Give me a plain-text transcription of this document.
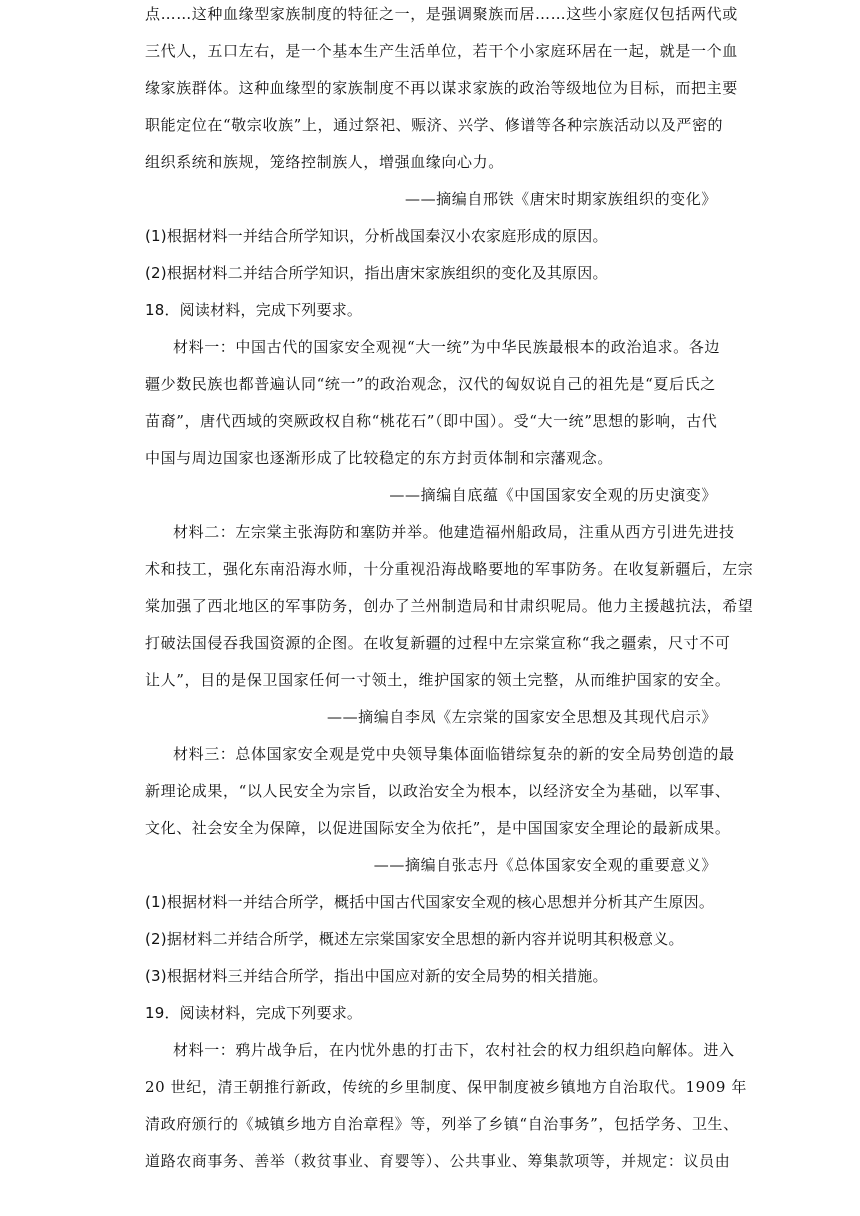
点……这种血缘型家族制度的特征之一，是强调聚族而居……这些小家庭仅包括两代或
三代人，五口左右，是一个基本生产生活单位，若干个小家庭环居在一起，就是一个血
缘家族群体。这种血缘型的家族制度不再以谋求家族的政治等级地位为目标，而把主要
职能定位在“敬宗收族”上，通过祭祀、赈济、兴学、修谱等各种宗族活动以及严密的
组织系统和族规，笼络控制族人，增强血缘向心力。
——摘编自邢铁《唐宋时期家族组织的变化》
(1)根据材料一并结合所学知识，分析战国秦汉小农家庭形成的原因。
(2)根据材料二并结合所学知识，指出唐宋家族组织的变化及其原因。
18．阅读材料，完成下列要求。
材料一：中国古代的国家安全观视“大一统”为中华民族最根本的政治追求。各边
疆少数民族也都普遍认同“统一”的政治观念，汉代的匈奴说自己的祖先是“夏后氏之
苗裔”，唐代西域的突厥政权自称“桃花石”（即中国）。受“大一统”思想的影响，古代
中国与周边国家也逐渐形成了比较稳定的东方封贡体制和宗藩观念。
——摘编自底蕴《中国国家安全观的历史演变》
材料二：左宗棠主张海防和塞防并举。他建造福州船政局，注重从西方引进先进技
术和技工，强化东南沿海水师，十分重视沿海战略要地的军事防务。在收复新疆后，左宗
棠加强了西北地区的军事防务，创办了兰州制造局和甘肃织呢局。他力主援越抗法，希望
打破法国侵吞我国资源的企图。在收复新疆的过程中左宗棠宣称“我之疆索，尺寸不可
让人”，目的是保卫国家任何一寸领土，维护国家的领土完整，从而维护国家的安全。
——摘编自李凤《左宗棠的国家安全思想及其现代启示》
材料三：总体国家安全观是党中央领导集体面临错综复杂的新的安全局势创造的最
新理论成果，“以人民安全为宗旨，以政治安全为根本，以经济安全为基础，以军事、
文化、社会安全为保障，以促进国际安全为依托”，是中国国家安全理论的最新成果。
——摘编自张志丹《总体国家安全观的重要意义》
(1)根据材料一并结合所学，概括中国古代国家安全观的核心思想并分析其产生原因。
(2)据材料二并结合所学，概述左宗棠国家安全思想的新内容并说明其积极意义。
(3)根据材料三并结合所学，指出中国应对新的安全局势的相关措施。
19．阅读材料，完成下列要求。
材料一：鸦片战争后，在内忧外患的打击下，农村社会的权力组织趋向解体。进入
20 世纪，清王朝推行新政，传统的乡里制度、保甲制度被乡镇地方自治取代。1909 年
清政府颁行的《城镇乡地方自治章程》等，列举了乡镇“自治事务”，包括学务、卫生、
道路农商事务、善举（救贫事业、育婴等）、公共事业、筹集款项等，并规定：议员由
